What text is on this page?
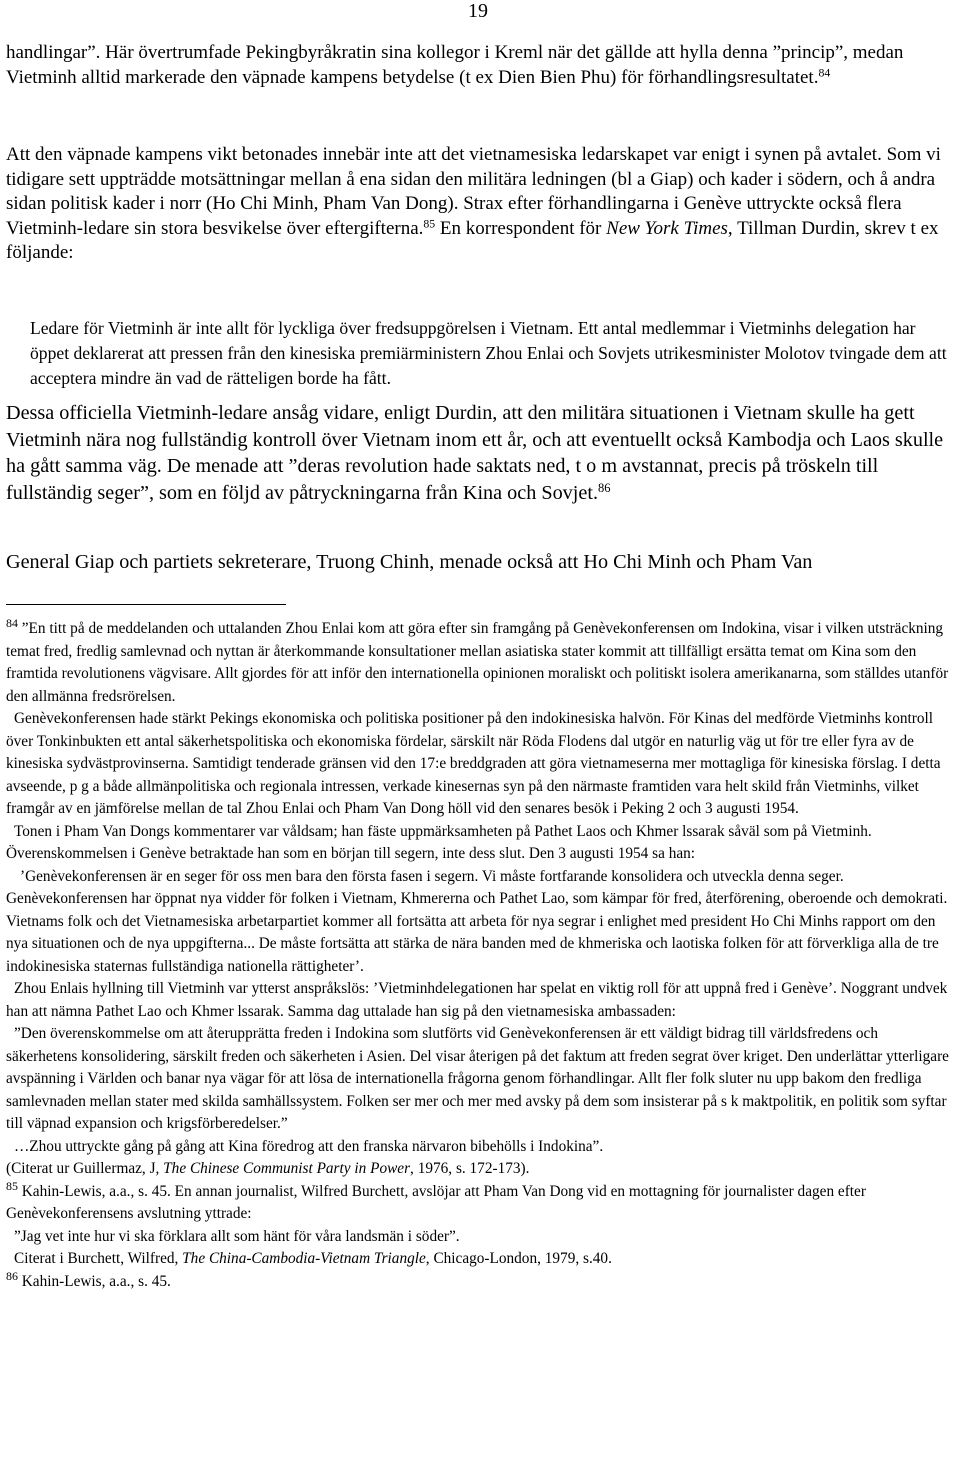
19

handlingar”. Här övertrumfade Pekingbyråkratin sina kollegor i Kreml när det gällde att hylla denna ”princip”, medan Vietminh alltid markerade den väpnade kampens betydelse (t ex Dien Bien Phu) för förhandlingsresultatet.$^{84}$

Att den väpnade kampens vikt betonades innebär inte att det vietnamesiska ledarskapet var enigt i synen på avtalet. Som vi tidigare sett uppträdde motsättningar mellan å ena sidan den militära ledningen (bl a Giap) och kader i södern, och å andra sidan politisk kader i norr (Ho Chi Minh, Pham Van Dong). Strax efter förhandlingarna i Genève uttryckte också flera Vietminh-ledare sin stora besvikelse över eftergifterna.$^{85}$ En korrespondent för New York Times, Tillman Durdin, skrev t ex följande:

Ledare för Vietminh är inte allt för lyckliga över fredsuppgörelsen i Vietnam. Ett antal medlemmar i Vietminhs delegation har öppet deklarerat att pressen från den kinesiska premiärministern Zhou Enlai och Sovjets utrikesminister Molotov tvingade dem att acceptera mindre än vad de rätteligen borde ha fått.

Dessa officiella Vietminh-ledare ansåg vidare, enligt Durdin, att den militära situationen i Vietnam skulle ha gett Vietminh nära nog fullständig kontroll över Vietnam inom ett år, och att eventuellt också Kambodja och Laos skulle ha gått samma väg. De menade att ”deras revolution hade saktats ned, t o m avstannat, precis på tröskeln till fullständig seger”, som en följd av påtryckningarna från Kina och Sovjet.$^{86}$

General Giap och partiets sekreterare, Truong Chinh, menade också att Ho Chi Minh och Pham Van

$^{84}$ ”En titt på de meddelanden och uttalanden Zhou Enlai kom att göra efter sin framgång på Genèvekonferensen om Indokina, visar i vilken utsträckning temat fred, fredlig samlevnad och nyttan är återkommande konsultationer mellan asiatiska stater kommit att tillfälligt ersätta temat om Kina som den framtida revolutionens vägvisare. Allt gjordes för att inför den internationella opinionen moraliskt och politiskt isolera amerikanarna, som ställdes utanför den allmänna fredsrörelsen.

Genèvekonferensen hade stärkt Pekings ekonomiska och politiska positioner på den indokinesiska halvön. För Kinas del medförde Vietminhs kontroll över Tonkinbukten ett antal säkerhetspolitiska och ekonomiska fördelar, särskilt när Röda Flodens dal utgör en naturlig väg ut för tre eller fyra av de kinesiska sydvästprovinserna. Samtidigt tenderade gränsen vid den 17:e breddgraden att göra vietnameserna mer mottagliga för kinesiska förslag. I detta avseende, p g a både allmänpolitiska och regionala intressen, verkade kinesernas syn på den närmaste framtiden vara helt skild från Vietminhs, vilket framgår av en jämförelse mellan de tal Zhou Enlai och Pham Van Dong höll vid den senares besök i Peking 2 och 3 augusti 1954.

Tonen i Pham Van Dongs kommentarer var våldsam; han fäste uppmärksamheten på Pathet Laos och Khmer lssarak såväl som på Vietminh. Överenskommelsen i Genève betraktade han som en början till segern, inte dess slut. Den 3 augusti 1954 sa han:

’Genèvekonferensen är en seger för oss men bara den första fasen i segern. Vi måste fortfarande konsolidera och utveckla denna seger. Genèvekonferensen har öppnat nya vidder för folken i Vietnam, Khmererna och Pathet Lao, som kämpar för fred, återförening, oberoende och demokrati. Vietnams folk och det Vietnamesiska arbetarpartiet kommer all fortsätta att arbeta för nya segrar i enlighet med president Ho Chi Minhs rapport om den nya situationen och de nya uppgifterna... De måste fortsätta att stärka de nära banden med de khmeriska och laotiska folken för att förverkliga alla de tre indokinesiska staternas fullständiga nationella rättigheter’.

Zhou Enlais hyllning till Vietminh var ytterst anspråkslös: ’Vietminhdelegationen har spelat en viktig roll för att uppnå fred i Genève’. Noggrant undvek han att nämna Pathet Lao och Khmer lssarak. Samma dag uttalade han sig på den vietnamesiska ambassaden:

”Den överenskommelse om att återupprätta freden i Indokina som slutförts vid Genèvekonferensen är ett väldigt bidrag till världsfredens och säkerhetens konsolidering, särskilt freden och säkerheten i Asien. Del visar återigen på det faktum att freden segrat över kriget. Den underlättar ytterligare avspänning i Världen och banar nya vägar för att lösa de internationella frågorna genom förhandlingar. Allt fler folk sluter nu upp bakom den fredliga samlevnaden mellan stater med skilda samhällssystem. Folken ser mer och mer med avsky på dem som insisterar på s k maktpolitik, en politik som syftar till väpnad expansion och krigsförberedelser.”

…Zhou uttryckte gång på gång att Kina föredrog att den franska närvaron bibehölls i Indokina”.

(Citerat ur Guillermaz, J, The Chinese Communist Party in Power, 1976, s. 172-173).

$^{85}$ Kahin-Lewis, a.a., s. 45. En annan journalist, Wilfred Burchett, avslöjar att Pham Van Dong vid en mottagning för journalister dagen efter Genèvekonferensens avslutning yttrade:

”Jag vet inte hur vi ska förklara allt som hänt för våra landsmän i söder”.

Citerat i Burchett, Wilfred, The China-Cambodia-Vietnam Triangle, Chicago-London, 1979, s.40.

$^{86}$ Kahin-Lewis, a.a., s. 45.
